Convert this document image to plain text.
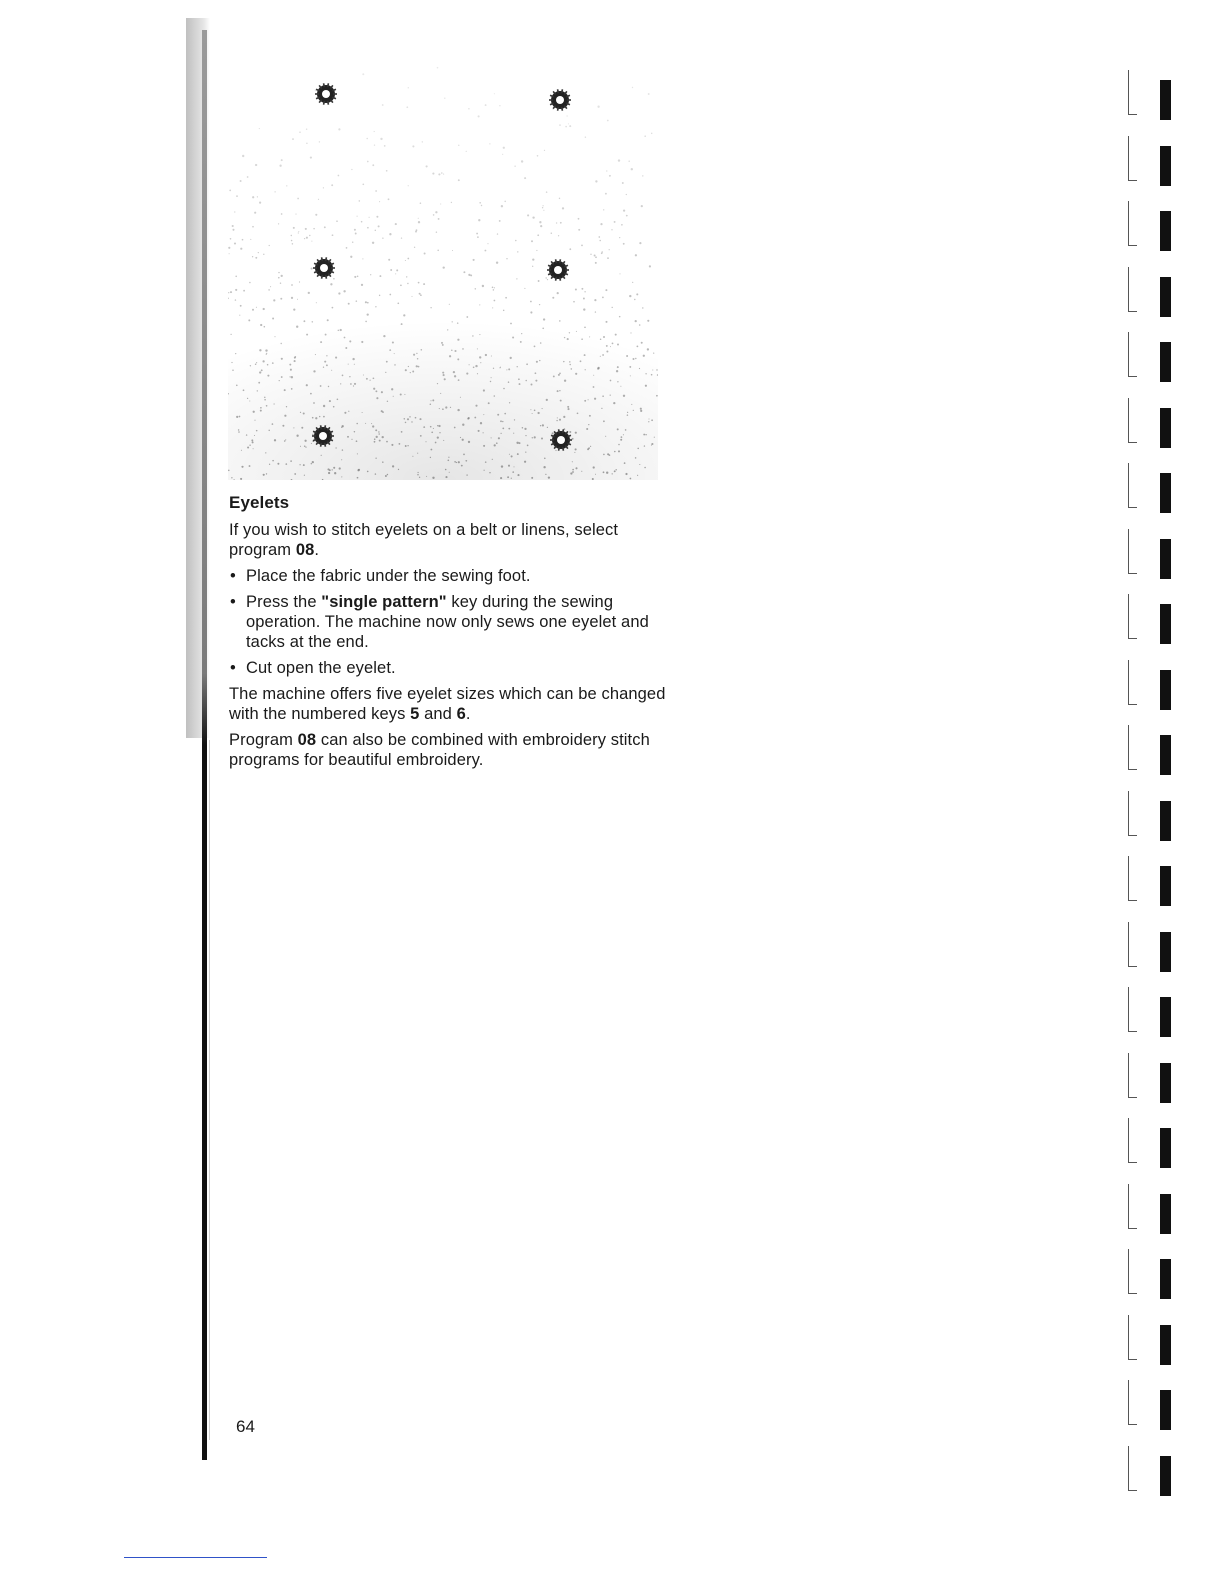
Eyelets

If you wish to stitch eyelets on a belt or linens, select program 08.

• Place the fabric under the sewing foot.
• Press the "single pattern" key during the sewing operation. The machine now only sews one eyelet and tacks at the end.
• Cut open the eyelet.

The machine offers five eyelet sizes which can be changed with the numbered keys 5 and 6.

Program 08 can also be combined with embroidery stitch programs for beautiful embroidery.

64
